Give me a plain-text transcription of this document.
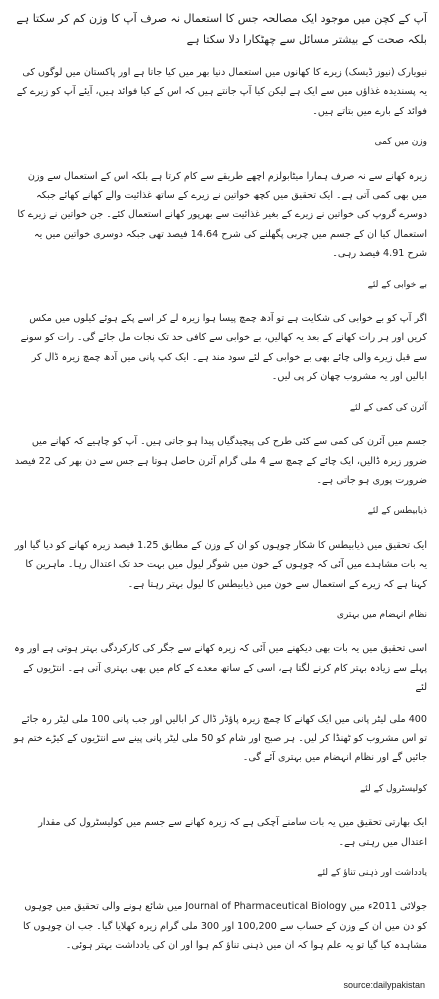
آپ کے کچن میں موجود ایک مصالحہ جس کا استعمال نہ صرف آپ کا وزن کم کر سکتا ہے بلکہ صحت کے بیشتر مسائل سے چھٹکارا دلا سکتا ہے

نیویارک (نیوز ڈیسک) زیرے کا کھانوں میں استعمال دنیا بھر میں کیا جاتا ہے اور پاکستان میں لوگوں کی یہ پسندیدہ غذاؤں میں سے ایک ہے لیکن کیا آپ جانتے ہیں کہ اس کے کیا فوائد ہیں، آیئے آپ کو زیرے کے فوائد کے بارے میں بتاتے ہیں۔

وزن میں کمی

زیرہ کھانے سے نہ صرف ہمارا میٹابولزم اچھے طریقے سے کام کرتا ہے بلکہ اس کے استعمال سے وزن میں بھی کمی آتی ہے۔ ایک تحقیق میں کچھ خواتین نے زیرے کے ساتھ غذائیت والے کھانے کھائے جبکہ دوسرے گروپ کی خواتین نے زیرے کے بغیر غذائیت سے بھرپور کھانے استعمال کئے۔ جن خواتین نے زیرے کا استعمال کیا ان کے جسم میں چربی پگھلنے کی شرح 14.64 فیصد تھی جبکہ دوسری خواتین میں یہ شرح 4.91 فیصد رہی۔

بے خوابی کے لئے

اگر آپ کو بے خوابی کی شکایت ہے تو آدھ چمچ پیسا ہوا زیرہ لے کر اسے پکے ہوئے کیلوں میں مکس کریں اور ہر رات کھانے کے بعد یہ کھالیں، بے خوابی سے کافی حد تک نجات مل جائے گی۔ رات کو سونے سے قبل زیرے والی چائے بھی بے خوابی کے لئے سود مند ہے۔ ایک کپ پانی میں آدھ چمچ زیرہ ڈال کر ابالیں اور یہ مشروب چھان کر پی لیں۔

آئرن کی کمی کے لئے

جسم میں آئرن کی کمی سے کئی طرح کی پیچیدگیاں پیدا ہو جاتی ہیں۔ آپ کو چاہیے کہ کھانے میں ضرور زیرہ ڈالیں، ایک چائے کے چمچ سے 4 ملی گرام آئرن حاصل ہوتا ہے جس سے دن بھر کی 22 فیصد ضرورت پوری ہو جاتی ہے۔

ذیابیطس کے لئے

ایک تحقیق میں ذیابیطس کا شکار چوہوں کو ان کے وزن کے مطابق 1.25 فیصد زیرہ کھانے کو دیا گیا اور یہ بات مشاہدے میں آئی کہ چوہوں کے خون میں شوگر لیول میں بہت حد تک اعتدال رہا۔ ماہرین کا کہنا ہے کہ زیرے کے استعمال سے خون میں ذیابیطس کا لیول بہتر رہتا ہے۔

نظام انہضام میں بہتری

اسی تحقیق میں یہ بات بھی دیکھنے میں آئی کہ زیرہ کھانے سے جگر کی کارکردگی بہتر ہوتی ہے اور وہ پہلے سے زیادہ بہتر کام کرنے لگتا ہے، اسی کے ساتھ معدے کے کام میں بھی بہتری آتی ہے۔ انتڑیوں کے لئے

400 ملی لیٹر پانی میں ایک کھانے کا چمچ زیرہ پاؤڈر ڈال کر ابالیں اور جب پانی 100 ملی لیٹر رہ جائے تو اس مشروب کو ٹھنڈا کر لیں۔ ہر صبح اور شام کو 50 ملی لیٹر پانی پینے سے انتڑیوں کے کیڑے ختم ہو جائیں گے اور نظام انہضام میں بہتری آئے گی۔

کولیسٹرول کے لئے

ایک بھارتی تحقیق میں یہ بات سامنے آچکی ہے کہ زیرہ کھانے سے جسم میں کولیسٹرول کی مقدار اعتدال میں رہتی ہے۔

یادداشت اور ذہنی تناؤ کے لئے

جولائی 2011ء میں Journal of Pharmaceutical Biology میں شائع ہونے والی تحقیق میں چوہوں کو دن میں ان کے وزن کے حساب سے 100,200 اور 300 ملی گرام زیرہ کھلایا گیا۔ جب ان چوہوں کا مشاہدہ کیا گیا تو یہ علم ہوا کہ ان میں ذہنی تناؤ کم ہوا اور ان کی یادداشت بہتر ہوئی۔

source:dailypakistan
